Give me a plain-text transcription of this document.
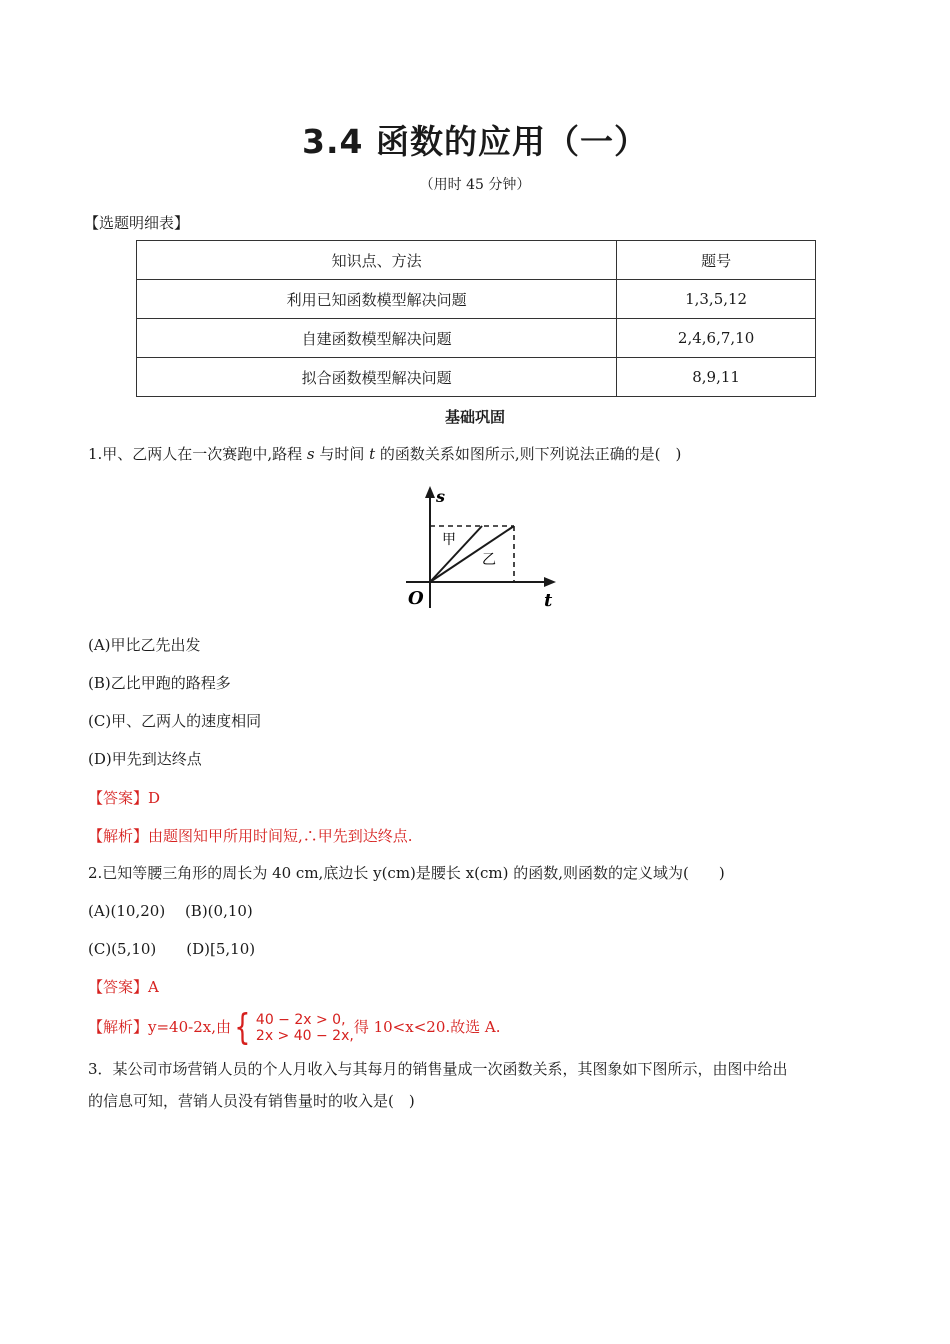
3.4 函数的应用（一）
（用时 45 分钟）
【选题明细表】
知识点、方法	题号
利用已知函数模型解决问题	1,3,5,12
自建函数模型解决问题	2,4,6,7,10
拟合函数模型解决问题	8,9,11
基础巩固
1.甲、乙两人在一次赛跑中,路程 s 与时间 t 的函数关系如图所示,则下列说法正确的是(　)
s
t
O
甲
乙
(A)甲比乙先出发
(B)乙比甲跑的路程多
(C)甲、乙两人的速度相同
(D)甲先到达终点
【答案】D
【解析】由题图知甲所用时间短,∴甲先到达终点.
2.已知等腰三角形的周长为 40 cm,底边长 y(cm)是腰长 x(cm) 的函数,则函数的定义域为(　　)
(A)(10,20)　 (B)(0,10)
(C)(5,10)　　(D)[5,10)
【答案】A
【解析】y=40-2x,由 { 40 − 2x > 0,
2x > 40 − 2x, 得 10<x<20.故选 A.
3．某公司市场营销人员的个人月收入与其每月的销售量成一次函数关系，其图象如下图所示，由图中给出
的信息可知，营销人员没有销售量时的收入是(　)
